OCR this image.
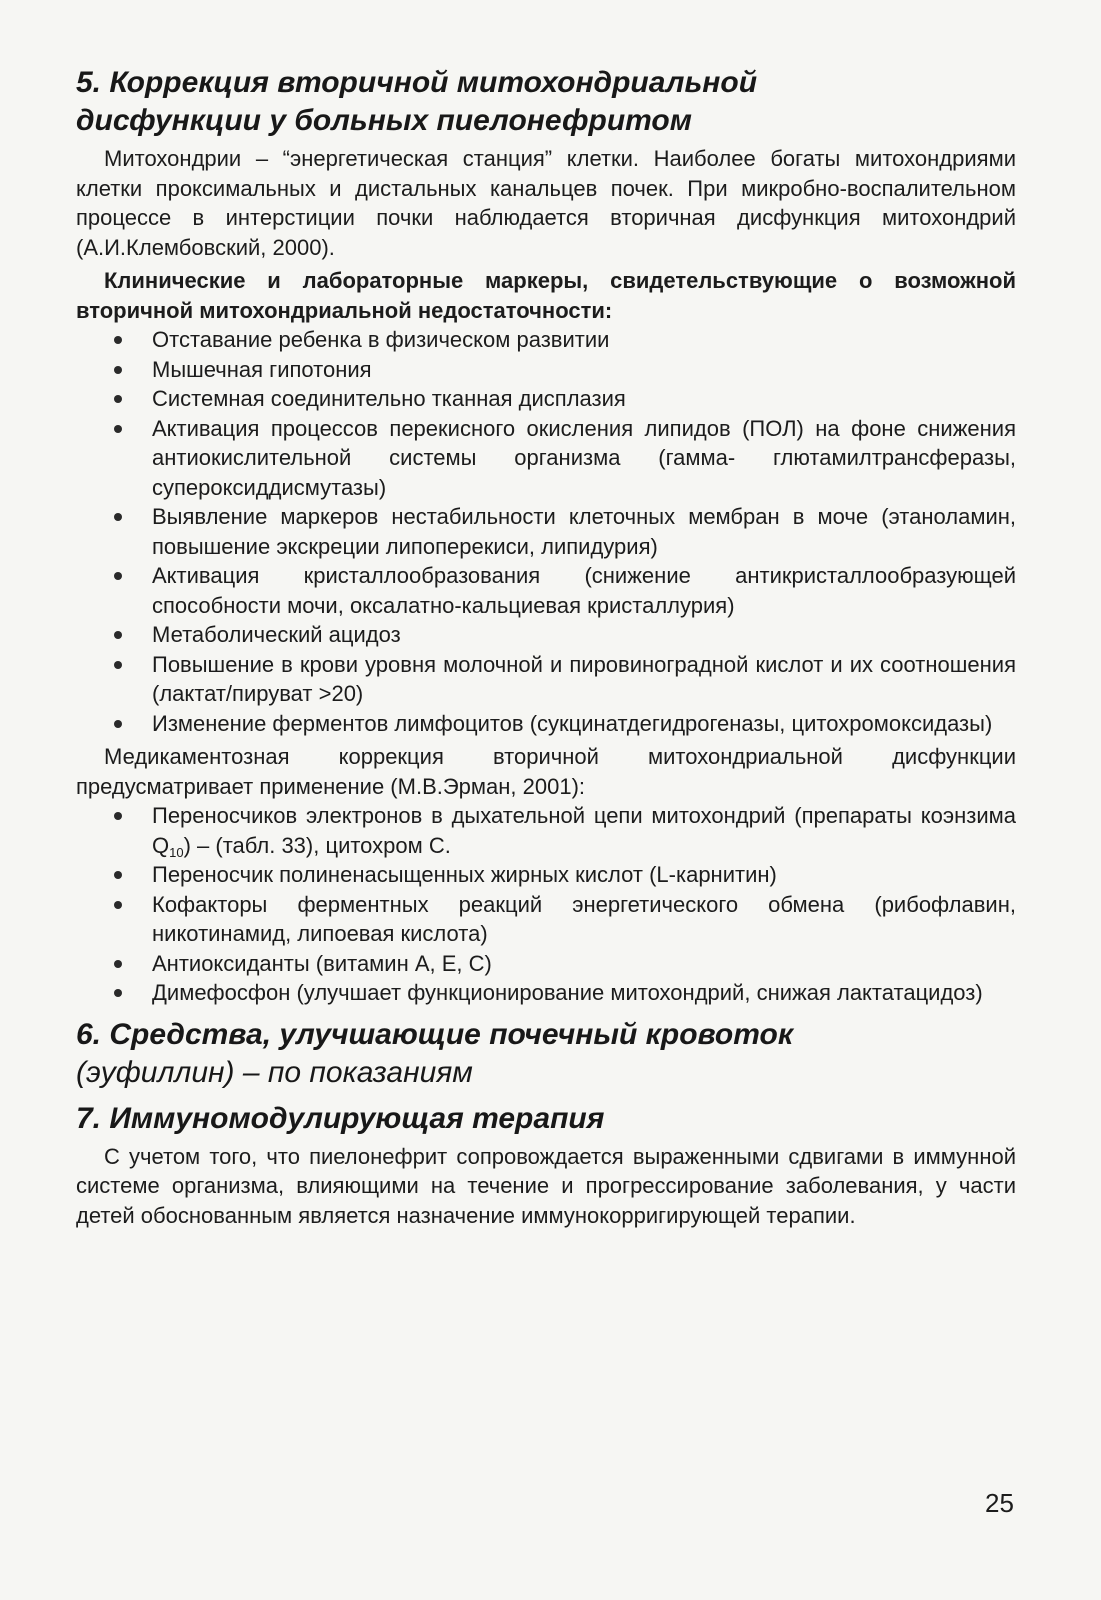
5. Коррекция вторичной митохондриальной
дисфункции у больных пиелонефритом

Митохондрии – “энергетическая станция” клетки. Наиболее богаты митохондриями клетки проксимальных и дистальных канальцев почек. При микробно-воспалительном процессе в интерстиции почки наблюдается вторичная дисфункция митохондрий (А.И.Клембовский, 2000).

Клинические и лабораторные маркеры, свидетельствующие о возможной вторичной митохондриальной недостаточности:

Отставание ребенка в физическом развитии
Мышечная гипотония
Системная соединительно тканная дисплазия
Активация процессов перекисного окисления липидов (ПОЛ) на фоне снижения антиокислительной системы организма (гамма- глютамилтрансферазы, супероксиддисмутазы)
Выявление маркеров нестабильности клеточных мембран в моче (этаноламин, повышение экскреции липоперекиси, липидурия)
Активация кристаллообразования (снижение антикристаллообразующей способности мочи, оксалатно-кальциевая кристаллурия)
Метаболический ацидоз
Повышение в крови уровня молочной и пировиноградной кислот и их соотношения (лактат/пируват >20)
Изменение ферментов лимфоцитов (сукцинатдегидрогеназы, цитохромоксидазы)

Медикаментозная коррекция вторичной митохондриальной дисфункции предусматривает применение (М.В.Эрман, 2001):

Переносчиков электронов в дыхательной цепи митохондрий (препараты коэнзима $Q_{10}$) – (табл. 33), цитохром С.
Переносчик полиненасыщенных жирных кислот (L-карнитин)
Кофакторы ферментных реакций энергетического обмена (рибофлавин, никотинамид, липоевая кислота)
Антиоксиданты (витамин А, Е, С)
Димефосфон (улучшает функционирование митохондрий, снижая лактатацидоз)
6. Средства, улучшающие почечный кровоток
(эуфиллин) – по показаниям
7. Иммуномодулирующая терапия

С учетом того, что пиелонефрит сопровождается выраженными сдвигами в иммунной системе организма, влияющими на течение и прогрессирование заболевания, у части детей обоснованным является назначение иммунокорригирующей терапии.

25
